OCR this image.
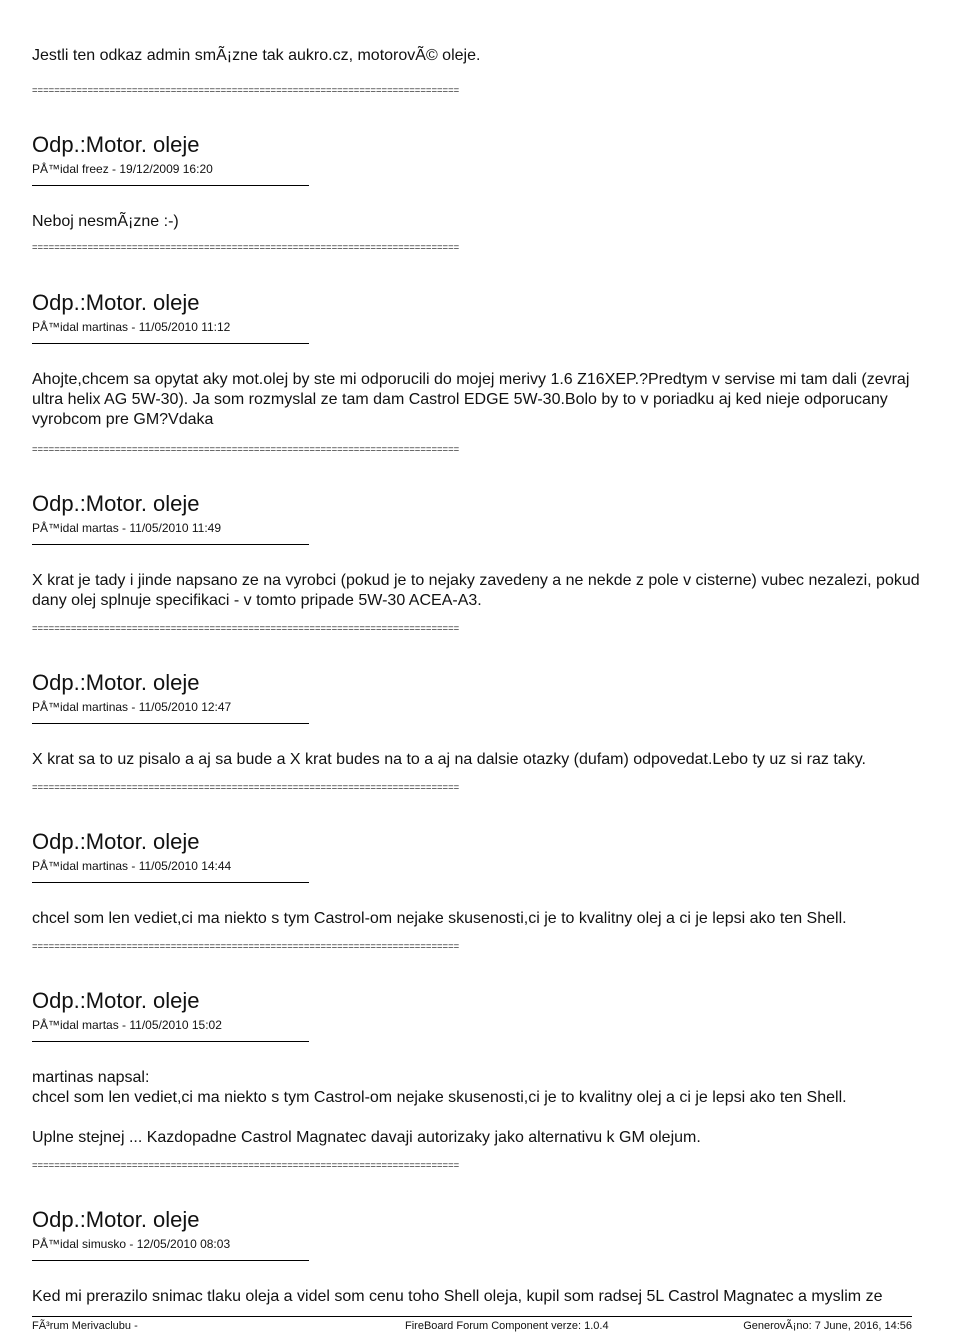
Jestli ten odkaz admin smÃ¡zne tak aukro.cz, motorovÃ© oleje.
=============================================================================
Odp.:Motor. oleje
PÅ™idal freez - 19/12/2009 16:20
Neboj nesmÃ¡zne :-)
=============================================================================
Odp.:Motor. oleje
PÅ™idal martinas - 11/05/2010 11:12
Ahojte,chcem sa opytat aky mot.olej by ste mi odporucili do mojej merivy 1.6 Z16XEP.?Predtym v servise mi tam dali (zevraj ultra helix AG 5W-30). Ja som rozmyslal ze tam dam Castrol EDGE 5W-30.Bolo by to v poriadku aj ked nieje odporucany vyrobcom pre GM?Vdaka
=============================================================================
Odp.:Motor. oleje
PÅ™idal martas - 11/05/2010 11:49
X krat je tady i jinde napsano ze na vyrobci (pokud je to nejaky zavedeny a ne nekde z pole v cisterne) vubec nezalezi, pokud dany olej splnuje specifikaci - v tomto pripade 5W-30 ACEA-A3.
=============================================================================
Odp.:Motor. oleje
PÅ™idal martinas - 11/05/2010 12:47
X krat sa to uz pisalo a aj sa bude a X krat budes na to a aj na dalsie otazky (dufam) odpovedat.Lebo ty uz si raz taky.
=============================================================================
Odp.:Motor. oleje
PÅ™idal martinas - 11/05/2010 14:44
chcel som len vediet,ci ma niekto s tym Castrol-om nejake skusenosti,ci je to kvalitny olej a ci je lepsi ako ten Shell.
=============================================================================
Odp.:Motor. oleje
PÅ™idal martas - 11/05/2010 15:02
martinas napsal:
chcel som len vediet,ci ma niekto s tym Castrol-om nejake skusenosti,ci je to kvalitny olej a ci je lepsi ako ten Shell.

Uplne stejnej ... Kazdopadne Castrol Magnatec davaji autorizaky jako alternativu k GM olejum.
=============================================================================
Odp.:Motor. oleje
PÅ™idal simusko - 12/05/2010 08:03
Ked mi prerazilo snimac tlaku oleja a videl som cenu toho Shell oleja, kupil som radsej 5L Castrol Magnatec a myslim ze
FÃ³rum Merivaclubu -	FireBoard Forum Component verze: 1.0.4	GenerovÃ¡no: 7 June, 2016, 14:56
